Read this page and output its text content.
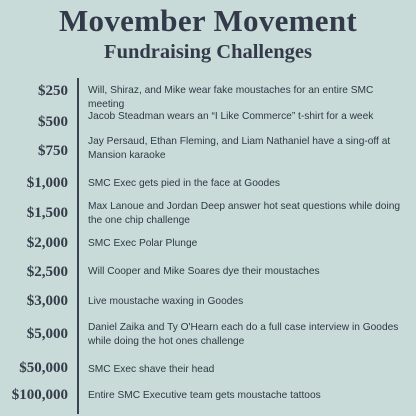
Movember Movement
Fundraising Challenges
$250 Will, Shiraz, and Mike wear fake moustaches for an entire SMC meeting
$500 Jacob Steadman wears an “I Like Commerce” t-shirt for a week
$750
Jay Persaud, Ethan Fleming, and Liam Nathaniel have a sing-off at Mansion karaoke
$1,000 SMC Exec gets pied in the face at Goodes
$1,500 Max Lanoue and Jordan Deep answer hot seat questions while doing the one chip challenge
$2,000 SMC Exec Polar Plunge
$2,500 Will Cooper and Mike Soares dye their moustaches
$3,000 Live moustache waxing in Goodes
$5,000 Daniel Zaika and Ty O'Hearn each do a full case interview in Goodes while doing the hot ones challenge
$50,000 SMC Exec shave their head
$100,000 Entire SMC Executive team gets moustache tattoos
